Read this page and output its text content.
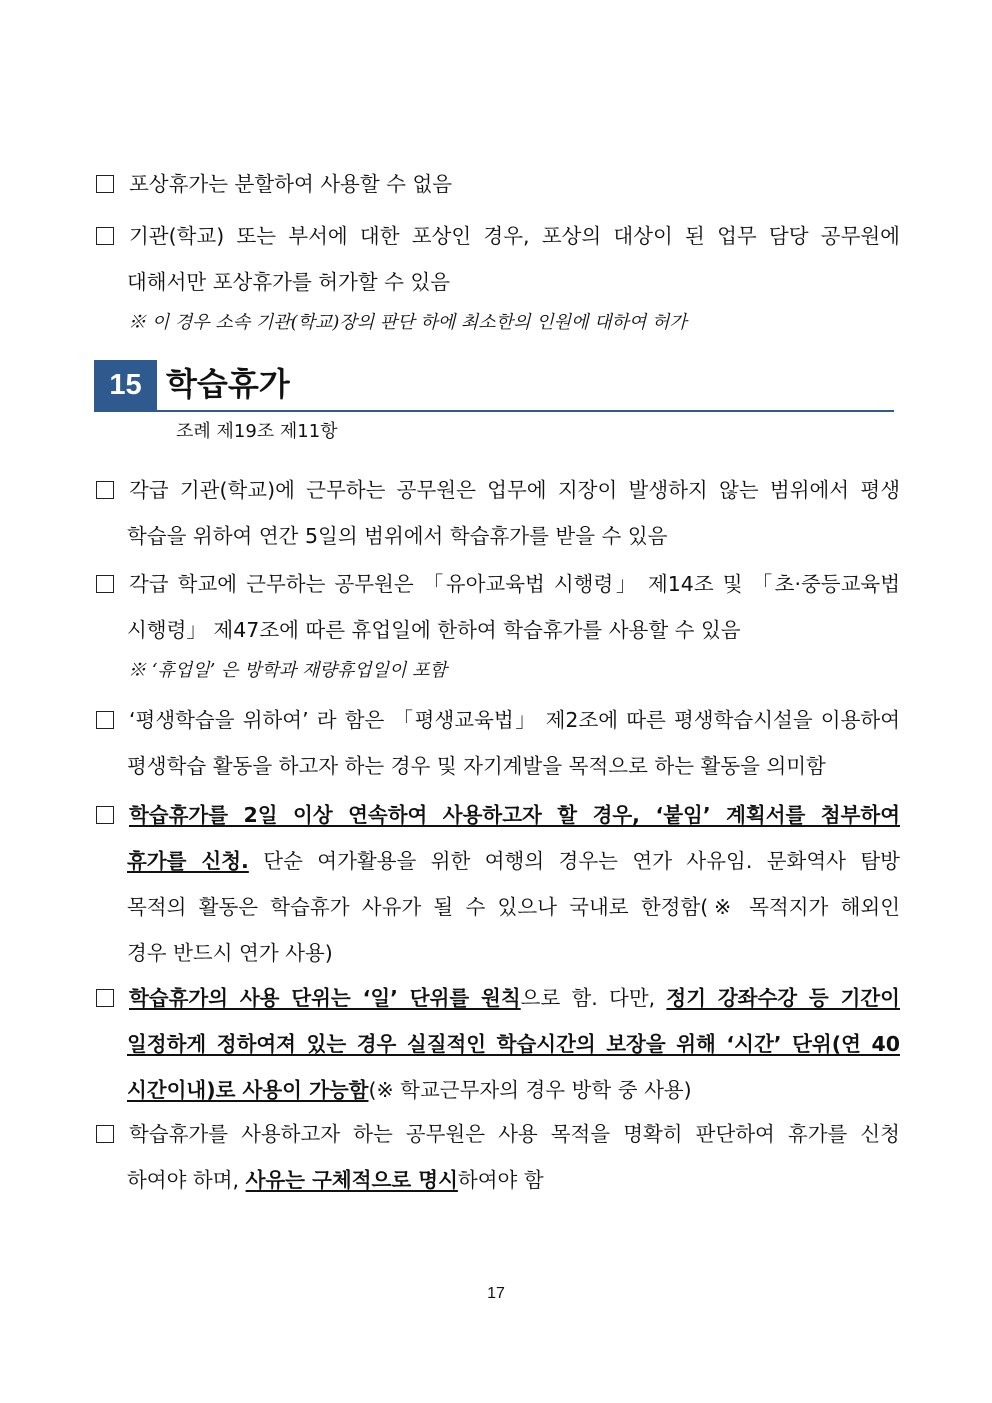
포상휴가는 분할하여 사용할 수 없음
기관(학교) 또는 부서에 대한 포상인 경우, 포상의 대상이 된 업무 담당 공무원에
대해서만 포상휴가를 허가할 수 있음
※ 이 경우 소속 기관(학교)장의 판단 하에 최소한의 인원에 대하여 허가
15 학습휴가
조례 제19조 제11항
각급 기관(학교)에 근무하는 공무원은 업무에 지장이 발생하지 않는 범위에서 평생
학습을 위하여 연간 5일의 범위에서 학습휴가를 받을 수 있음
각급 학교에 근무하는 공무원은 「유아교육법 시행령」 제14조 및 「초·중등교육법
시행령」 제47조에 따른 휴업일에 한하여 학습휴가를 사용할 수 있음
※ ‘휴업일’ 은 방학과 재량휴업일이 포함
‘평생학습을 위하여’ 라 함은 「평생교육법」 제2조에 따른 평생학습시설을 이용하여
평생학습 활동을 하고자 하는 경우 및 자기계발을 목적으로 하는 활동을 의미함
학습휴가를 2일 이상 연속하여 사용하고자 할 경우, ‘붙임’ 계획서를 첨부하여
휴가를 신청. 단순 여가활용을 위한 여행의 경우는 연가 사유임. 문화역사 탐방
목적의 활동은 학습휴가 사유가 될 수 있으나 국내로 한정함(※ 목적지가 해외인
경우 반드시 연가 사용)
학습휴가의 사용 단위는 ‘일’ 단위를 원칙으로 함. 다만, 정기 강좌수강 등 기간이
일정하게 정하여져 있는 경우 실질적인 학습시간의 보장을 위해 ‘시간’ 단위(연 40
시간이내)로 사용이 가능함(※ 학교근무자의 경우 방학 중 사용)
학습휴가를 사용하고자 하는 공무원은 사용 목적을 명확히 판단하여 휴가를 신청
하여야 하며, 사유는 구체적으로 명시하여야 함
17
